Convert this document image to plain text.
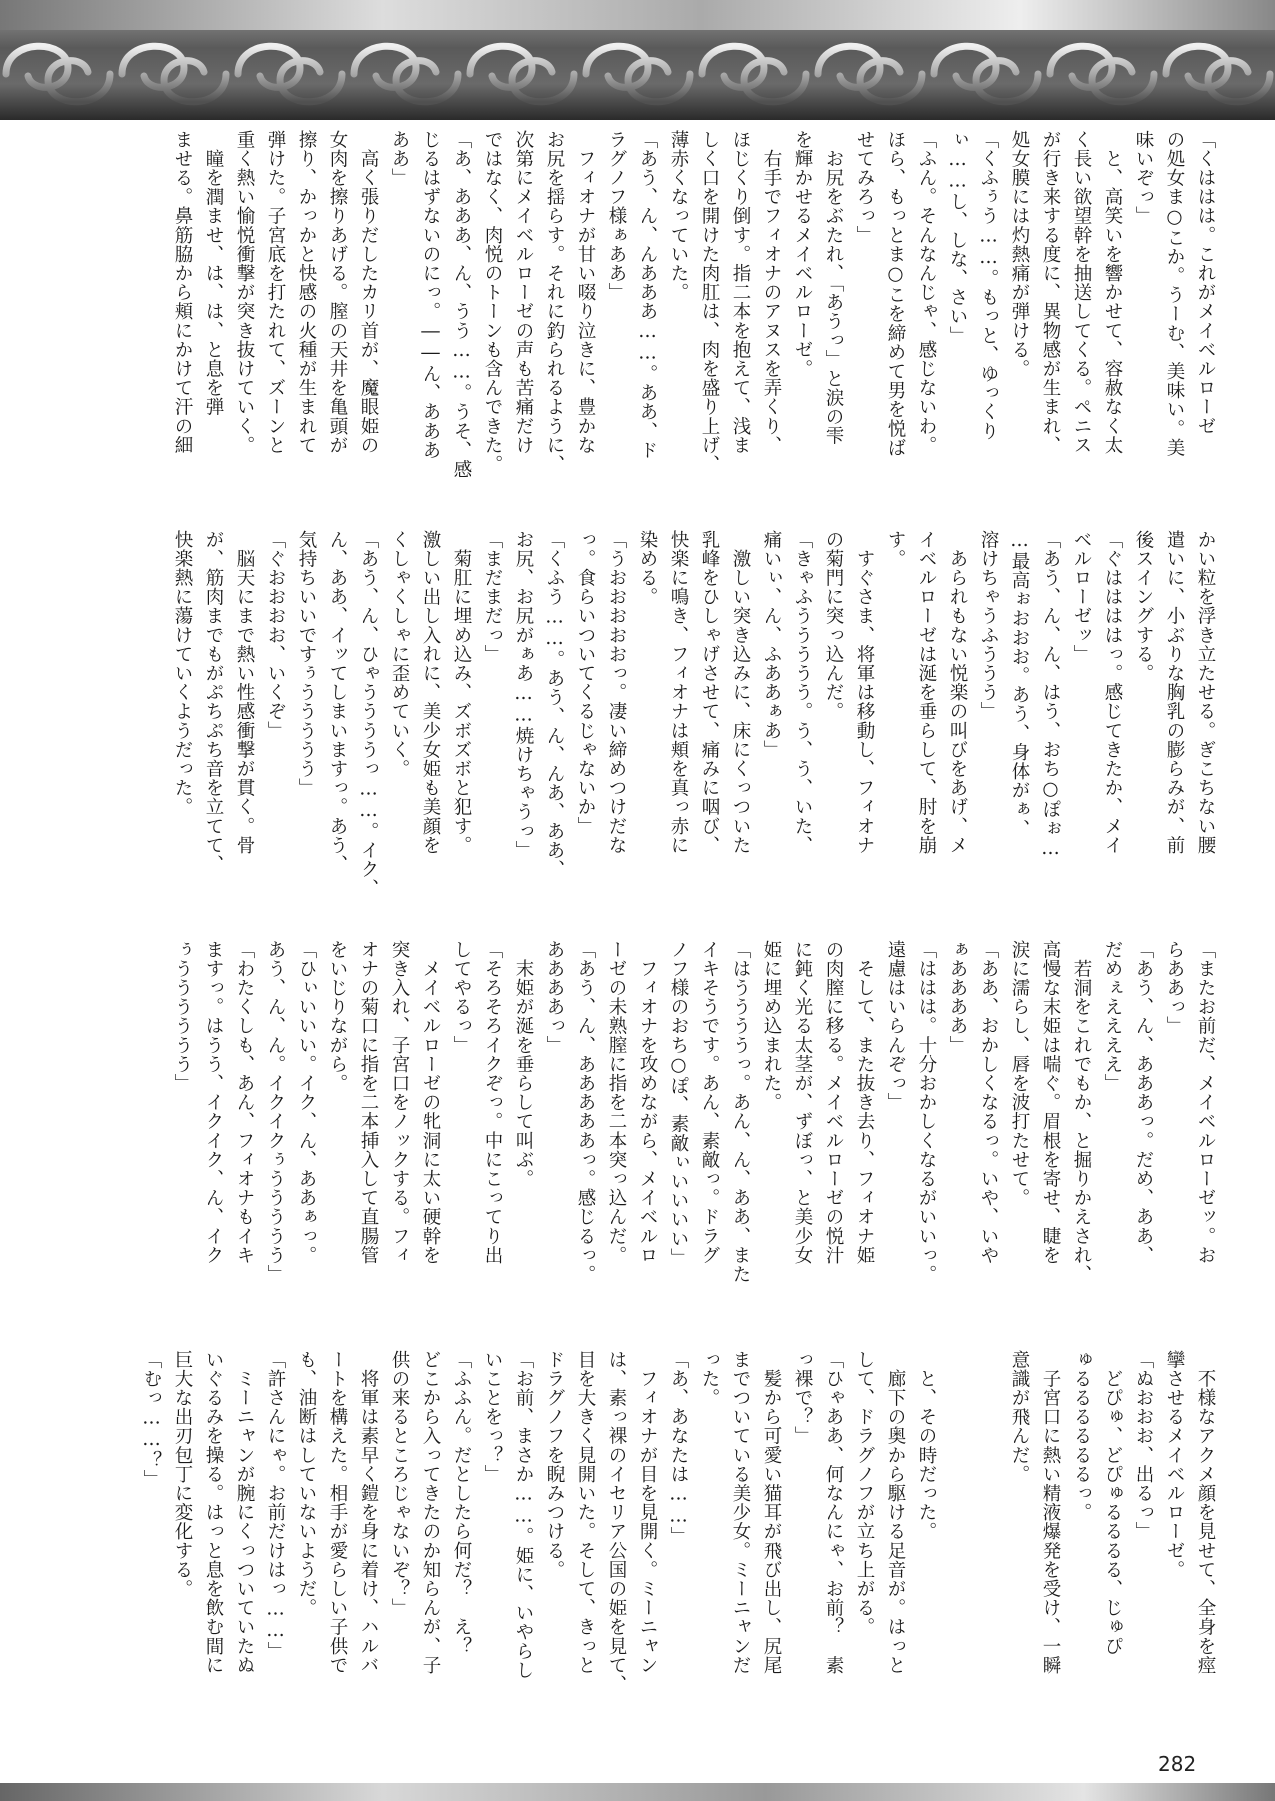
「くははは。これがメイベルローゼ
の処女ま○こか。うーむ、美味い。美
味いぞっ」
　と、高笑いを響かせて、容赦なく太
く長い欲望幹を抽送してくる。ペニス
が行き来する度に、異物感が生まれ、
処女膜には灼熱痛が弾ける。
「くふぅう……。もっと、ゆっくり
ぃ……し、しな、さい」
「ふん。そんなんじゃ、感じないわ。
ほら、もっとま○こを締めて男を悦ば
せてみろっ」
　お尻をぶたれ、「あうっ」と涙の雫
を輝かせるメイベルローゼ。
　右手でフィオナのアヌスを弄くり、
ほじくり倒す。指二本を抱えて、浅ま
しく口を開けた肉肛は、肉を盛り上げ、
薄赤くなっていた。
「あう、ん、んあああ……。ああ、ド
ラグノフ様ぁああ」
　フィオナが甘い啜り泣きに、豊かな
お尻を揺らす。それに釣られるように、
次第にメイベルローゼの声も苦痛だけ
ではなく、肉悦のトーンも含んできた。
「あ、あああ、ん、うう……。うそ、感
じるはずないのにっ。――ん、あああ
ああ」
　高く張りだしたカリ首が、魔眼姫の
女肉を擦りあげる。膣の天井を亀頭が
擦り、かっかと快感の火種が生まれて
弾けた。子宮底を打たれて、ズーンと
重く熱い愉悦衝撃が突き抜けていく。
　瞳を潤ませ、は、は、と息を弾
ませる。鼻筋脇から頬にかけて汗の細
かい粒を浮き立たせる。ぎこちない腰
遣いに、小ぶりな胸乳の膨らみが、前
後スイングする。
「ぐははははっ。感じてきたか、メイ
ベルローゼッ」
「あう、ん、ん、はう、おち○ぽぉ…
…最高ぉおおお。あう、身体がぁ、
溶けちゃうふううう」
　あられもない悦楽の叫びをあげ、メ
イベルローゼは涎を垂らして、肘を崩
す。
　すぐさま、将軍は移動し、フィオナ
の菊門に突っ込んだ。
「きゃふううううう。う、う、いた、
痛いぃ、ん、ふああぁあ」
　激しい突き込みに、床にくっついた
乳峰をひしゃげさせて、痛みに咽び、
快楽に鳴き、フィオナは頬を真っ赤に
染める。
「うおおおおおっ。凄い締めつけだな
っ。食らいついてくるじゃないか」
「くふう……。あう、ん、んあ、ああ、
お尻、お尻がぁあ……焼けちゃうっ」
「まだまだっ」
　菊肛に埋め込み、ズボズボと犯す。
激しい出し入れに、美少女姫も美顔を
くしゃくしゃに歪めていく。
「あう、ん、ひゃううううっ……。イク、
ん、ああ、イッてしまいますっ。あう、
気持ちいいですぅううううう」
「ぐおおおお、いくぞ」
　脳天にまで熱い性感衝撃が貫く。骨
が、筋肉までもがぷちぷち音を立てて、
快楽熱に蕩けていくようだった。
「またお前だ、メイベルローゼッ。お
らああっ」
「あう、ん、あああっ。だめ、ああ、
だめぇええええ」
　若洞をこれでもか、と掘りかえされ、
高慢な末姫は喘ぐ。眉根を寄せ、睫を
涙に濡らし、唇を波打たせて。
「ああ、おかしくなるっ。いや、いや
ぁああああ」
「ははは。十分おかしくなるがいいっ。
遠慮はいらんぞっ」
　そして、また抜き去り、フィオナ姫
の肉膣に移る。メイベルローゼの悦汁
に鈍く光る太茎が、ずぼっ、と美少女
姫に埋め込まれた。
「はううううっ。あん、ん、ああ、また
イキそうです。あん、素敵っ。ドラグ
ノフ様のおち○ぽ、素敵ぃいいいい」
　フィオナを攻めながら、メイベルロ
ーゼの未熟膣に指を二本突っ込んだ。
「あう、ん、あああああっ。感じるっ。
ああああっ」
　末姫が涎を垂らして叫ぶ。
「そろそろイクぞっ。中にこってり出
してやるっ」
　メイベルローゼの牝洞に太い硬幹を
突き入れ、子宮口をノックする。フィ
オナの菊口に指を二本挿入して直腸管
をいじりながら。
「ひぃいいい。イク、ん、ああぁっ。
あう、ん、ん。イクイクぅううううう」
「わたくしも、あん、フィオナもイキ
ますっ。はうう、イクイク、ん、イク
ぅうううううう」
　不様なアクメ顔を見せて、全身を痙
攣させるメイベルローゼ。
「ぬおおお、出るっ」
　どぴゅ、どぴゅるるるる、じゅぴ
ゅるるるるるるっ。
　子宮口に熱い精液爆発を受け、一瞬
意識が飛んだ。
　と、その時だった。
　廊下の奥から駆ける足音が。はっと
して、ドラグノフが立ち上がる。
「ひゃああ、何なんにゃ、お前？　素
っ裸で？」
　髪から可愛い猫耳が飛び出し、尻尾
までついている美少女。ミーニャンだ
った。
「あ、あなたは……」
　フィオナが目を見開く。ミーニャン
は、素っ裸のイセリア公国の姫を見て、
目を大きく見開いた。そして、きっと
ドラグノフを睨みつける。
「お前、まさか……。姫に、いやらし
いことをっ？」
「ふふん。だとしたら何だ？　え？
どこから入ってきたのか知らんが、子
供の来るところじゃないぞ？」
　将軍は素早く鎧を身に着け、ハルバ
ートを構えた。相手が愛らしい子供で
も、油断はしていないようだ。
「許さんにゃ。お前だけはっ……」
　ミーニャンが腕にくっついていたぬ
いぐるみを操る。はっと息を飲む間に
巨大な出刃包丁に変化する。
「むっ……？」
282
